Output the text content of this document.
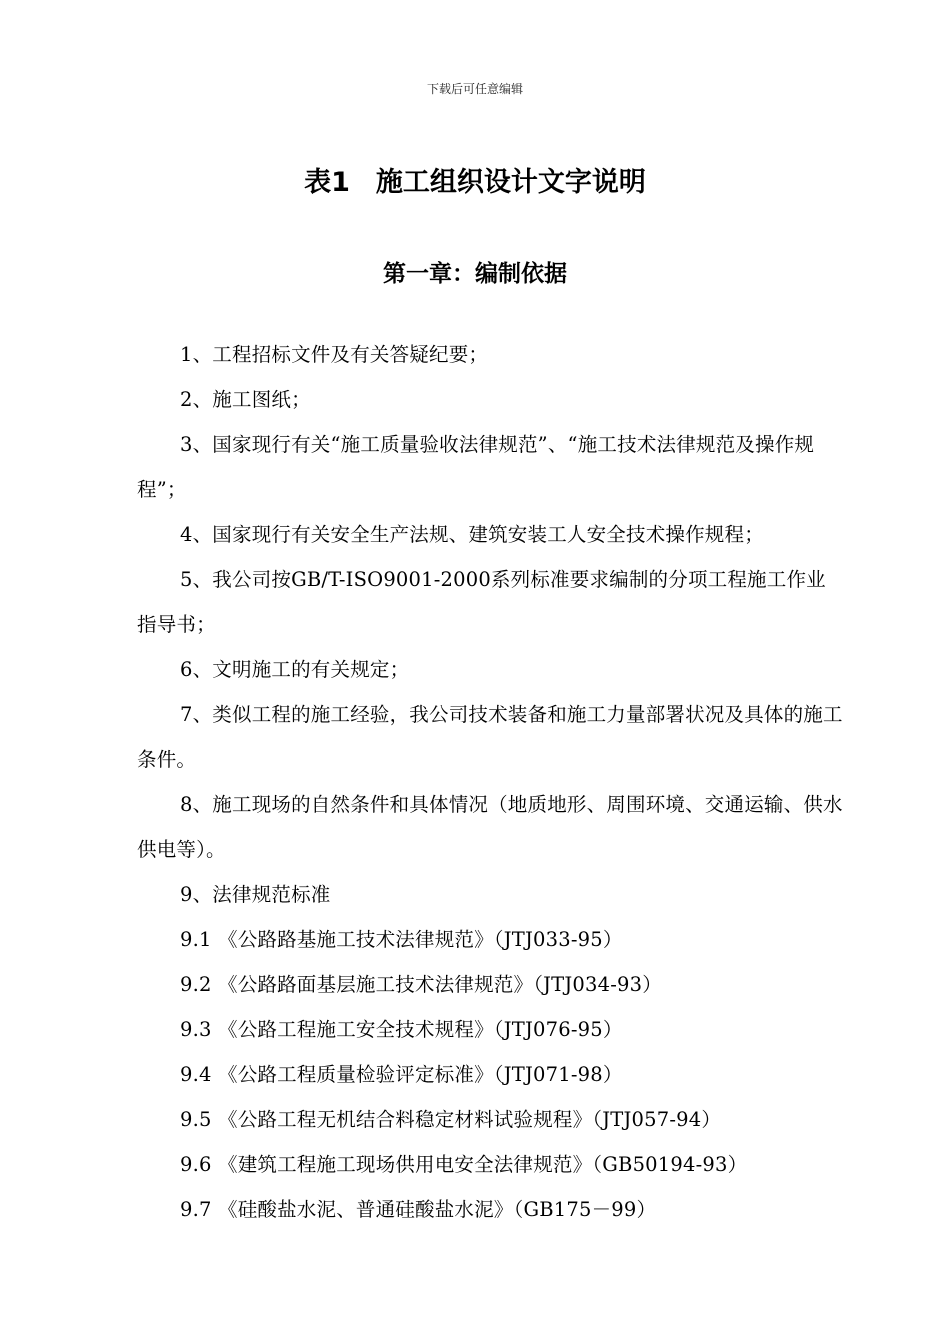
下载后可任意编辑
表1 施工组织设计文字说明
第一章：编制依据

1、工程招标文件及有关答疑纪要；

2、施工图纸；

3、国家现行有关“施工质量验收法律规范”、“施工技术法律规范及操作规程”；

4、国家现行有关安全生产法规、建筑安装工人安全技术操作规程；

5、我公司按GB/T-ISO9001-2000系列标准要求编制的分项工程施工作业指导书；

6、文明施工的有关规定；

7、类似工程的施工经验，我公司技术装备和施工力量部署状况及具体的施工条件。

8、施工现场的自然条件和具体情况（地质地形、周围环境、交通运输、供水供电等）。

9、法律规范标准

9.1 《公路路基施工技术法律规范》（JTJ033-95）

9.2 《公路路面基层施工技术法律规范》（JTJ034-93）

9.3 《公路工程施工安全技术规程》（JTJ076-95）

9.4 《公路工程质量检验评定标准》（JTJ071-98）

9.5 《公路工程无机结合料稳定材料试验规程》（JTJ057-94）

9.6 《建筑工程施工现场供用电安全法律规范》（GB50194-93）

9.7 《硅酸盐水泥、普通硅酸盐水泥》（GB175－99）
